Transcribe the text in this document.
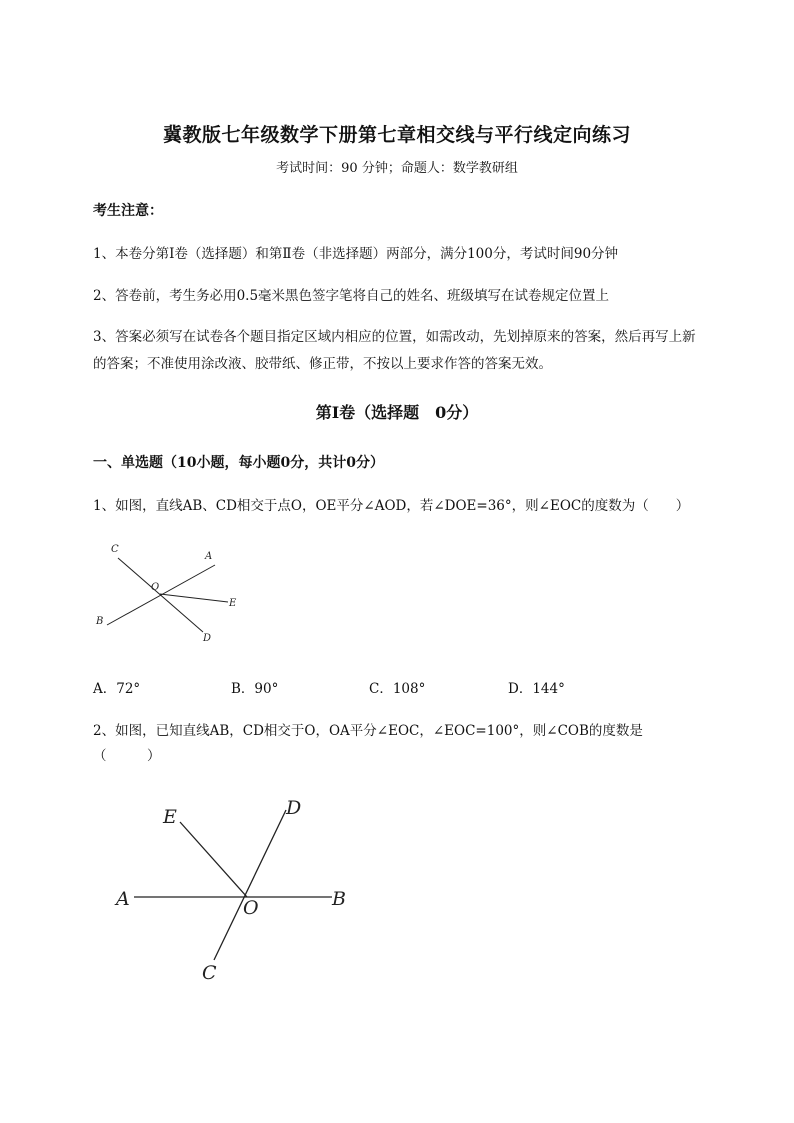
冀教版七年级数学下册第七章相交线与平行线定向练习
考试时间：90 分钟；命题人：数学教研组
考生注意：
1、本卷分第Ⅰ卷（选择题）和第Ⅱ卷（非选择题）两部分，满分100分，考试时间90分钟
2、答卷前，考生务必用0.5毫米黑色签字笔将自己的姓名、班级填写在试卷规定位置上
3、答案必须写在试卷各个题目指定区域内相应的位置，如需改动，先划掉原来的答案，然后再写上新
的答案；不准使用涂改液、胶带纸、修正带，不按以上要求作答的答案无效。
第Ⅰ卷（选择题　0分）
一、单选题（10小题，每小题0分，共计0分）
1、如图，直线AB、CD相交于点O，OE平分∠AOD，若∠DOE=36°，则∠EOC的度数为（　　）
C
A
O
E
B
D
A．72°	B．90°	C．108°	D．144°
2、如图，已知直线AB，CD相交于O，OA平分∠EOC，∠EOC=100°，则∠COB的度数是
（　　　）
E	D
A	O	B
C
